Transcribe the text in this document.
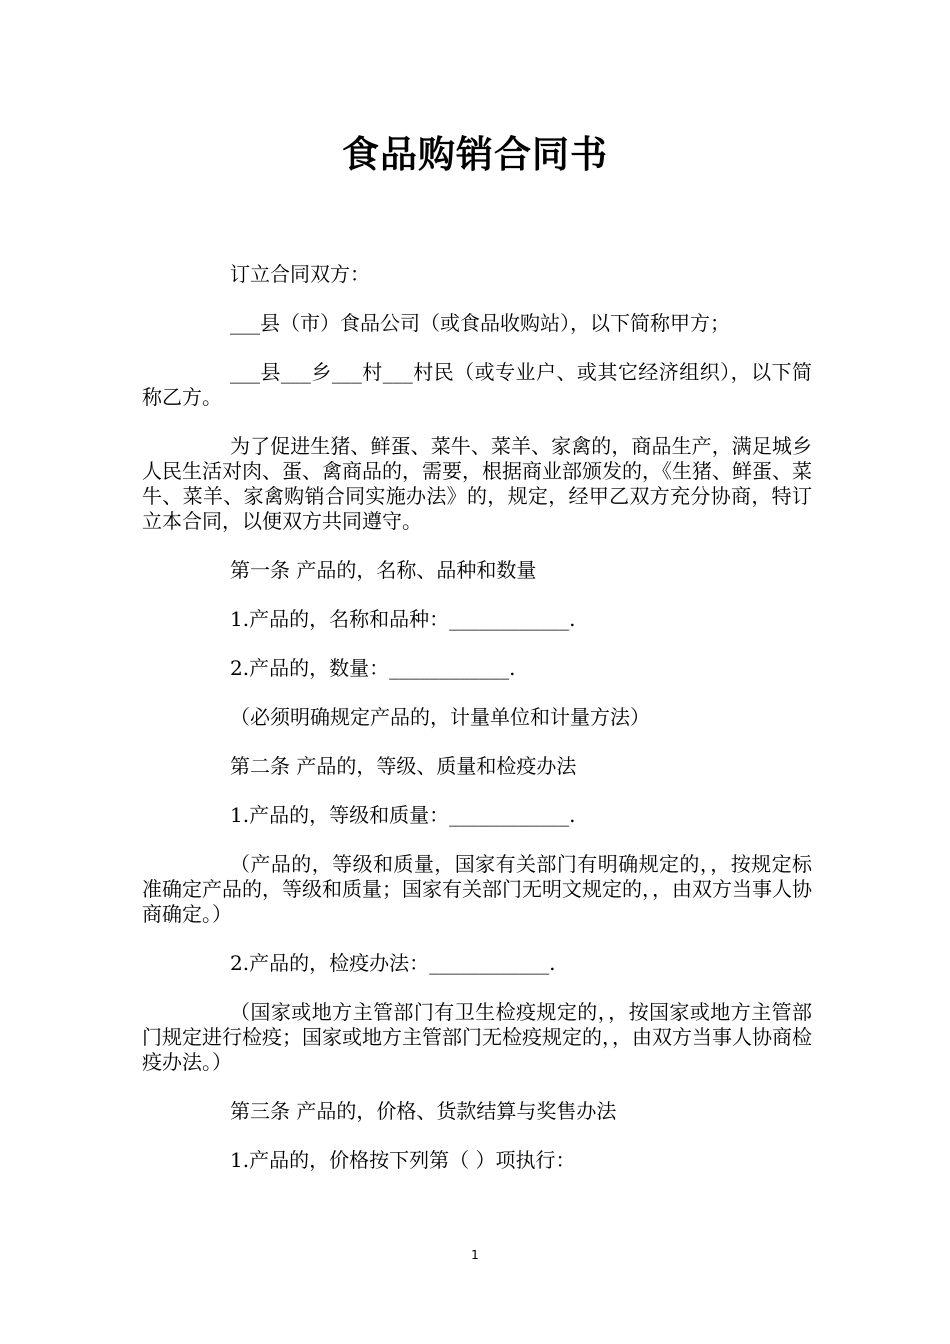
食品购销合同书

订立合同双方：

___县（市）食品公司（或食品收购站），以下简称甲方；

___县___乡___村___村民（或专业户、或其它经济组织），以下简称乙方。

为了促进生猪、鲜蛋、菜牛、菜羊、家禽的，商品生产，满足城乡人民生活对肉、蛋、禽商品的，需要，根据商业部颁发的，《生猪、鲜蛋、菜牛、菜羊、家禽购销合同实施办法》的，规定，经甲乙双方充分协商，特订立本合同，以便双方共同遵守。

第一条 产品的，名称、品种和数量

1.产品的，名称和品种：____________.

2.产品的，数量：____________.

（必须明确规定产品的，计量单位和计量方法）

第二条 产品的，等级、质量和检疫办法

1.产品的，等级和质量：____________.

（产品的，等级和质量，国家有关部门有明确规定的，，按规定标准确定产品的，等级和质量；国家有关部门无明文规定的，，由双方当事人协商确定。）

2.产品的，检疫办法：____________.

（国家或地方主管部门有卫生检疫规定的，，按国家或地方主管部门规定进行检疫；国家或地方主管部门无检疫规定的，，由双方当事人协商检疫办法。）

第三条 产品的，价格、货款结算与奖售办法

1.产品的，价格按下列第（ ）项执行：

1
